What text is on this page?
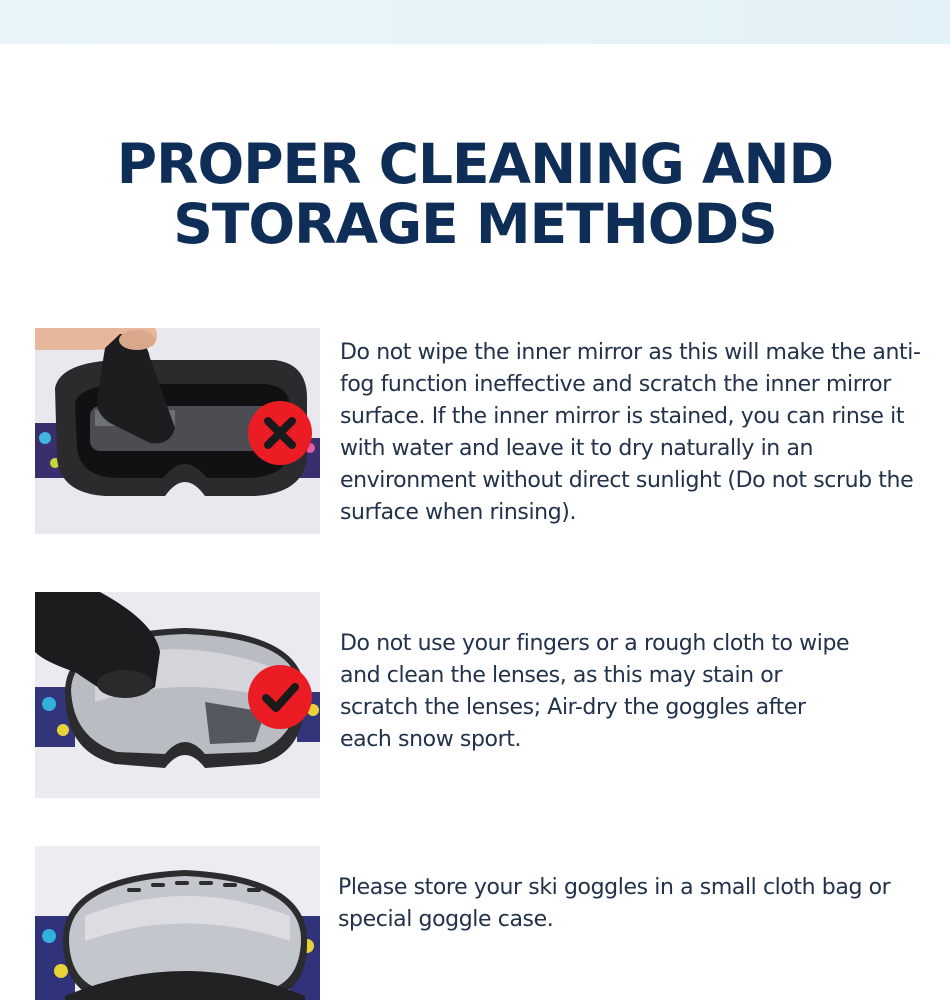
PROPER CLEANING AND
STORAGE METHODS

Do not wipe the inner mirror as this will make the anti-fog function ineffective and scratch the inner mirror surface. If the inner mirror is stained, you can rinse it with water and leave it to dry naturally in an environment without direct sunlight (Do not scrub the surface when rinsing).

Do not use your fingers or a rough cloth to wipe and clean the lenses, as this may stain or scratch the lenses; Air-dry the goggles after each snow sport.

Please store your ski goggles in a small cloth bag or special goggle case.
